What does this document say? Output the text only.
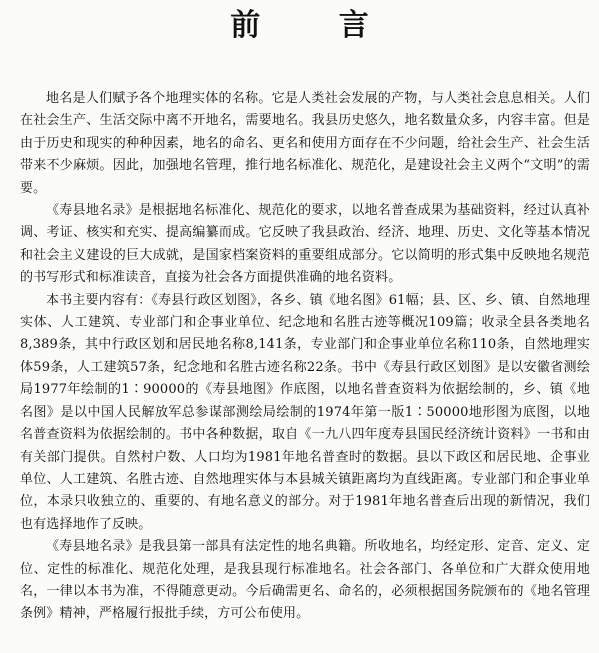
前 言

地名是人们赋予各个地理实体的名称。它是人类社会发展的产物，与人类社会息息相关。人们在社会生产、生活交际中离不开地名，需要地名。我县历史悠久，地名数量众多，内容丰富。但是由于历史和现实的种种因素，地名的命名、更名和使用方面存在不少问题，给社会生产、社会生活带来不少麻烦。因此，加强地名管理，推行地名标准化、规范化，是建设社会主义两个“文明”的需要。

《寿县地名录》是根据地名标准化、规范化的要求，以地名普查成果为基础资料，经过认真补调、考证、核实和充实、提高编纂而成。它反映了我县政治、经济、地理、历史、文化等基本情况和社会主义建设的巨大成就，是国家档案资料的重要组成部分。它以简明的形式集中反映地名规范的书写形式和标准读音，直接为社会各方面提供准确的地名资料。

本书主要内容有：《寿县行政区划图》，各乡、镇《地名图》61幅；县、区、乡、镇、自然地理实体、人工建筑、专业部门和企事业单位、纪念地和名胜古迹等概况109篇；收录全县各类地名8,389条，其中行政区划和居民地名称8,141条，专业部门和企事业单位名称110条，自然地理实体59条，人工建筑57条，纪念地和名胜古迹名称22条。书中《寿县行政区划图》是以安徽省测绘局1977年绘制的1∶90000的《寿县地图》作底图，以地名普查资料为依据绘制的，乡、镇《地名图》是以中国人民解放军总参谋部测绘局绘制的1974年第一版1∶50000地形图为底图，以地名普查资料为依据绘制的。书中各种数据，取自《一九八四年度寿县国民经济统计资料》一书和由有关部门提供。自然村户数、人口均为1981年地名普查时的数据。县以下政区和居民地、企事业单位、人工建筑、名胜古迹、自然地理实体与本县城关镇距离均为直线距离。专业部门和企事业单位，本录只收独立的、重要的、有地名意义的部分。对于1981年地名普查后出现的新情况，我们也有选择地作了反映。

《寿县地名录》是我县第一部具有法定性的地名典籍。所收地名，均经定形、定音、定义、定位、定性的标准化、规范化处理，是我县现行标准地名。社会各部门、各单位和广大群众使用地名，一律以本书为准，不得随意更动。今后确需更名、命名的，必须根据国务院颁布的《地名管理条例》精神，严格履行报批手续，方可公布使用。
